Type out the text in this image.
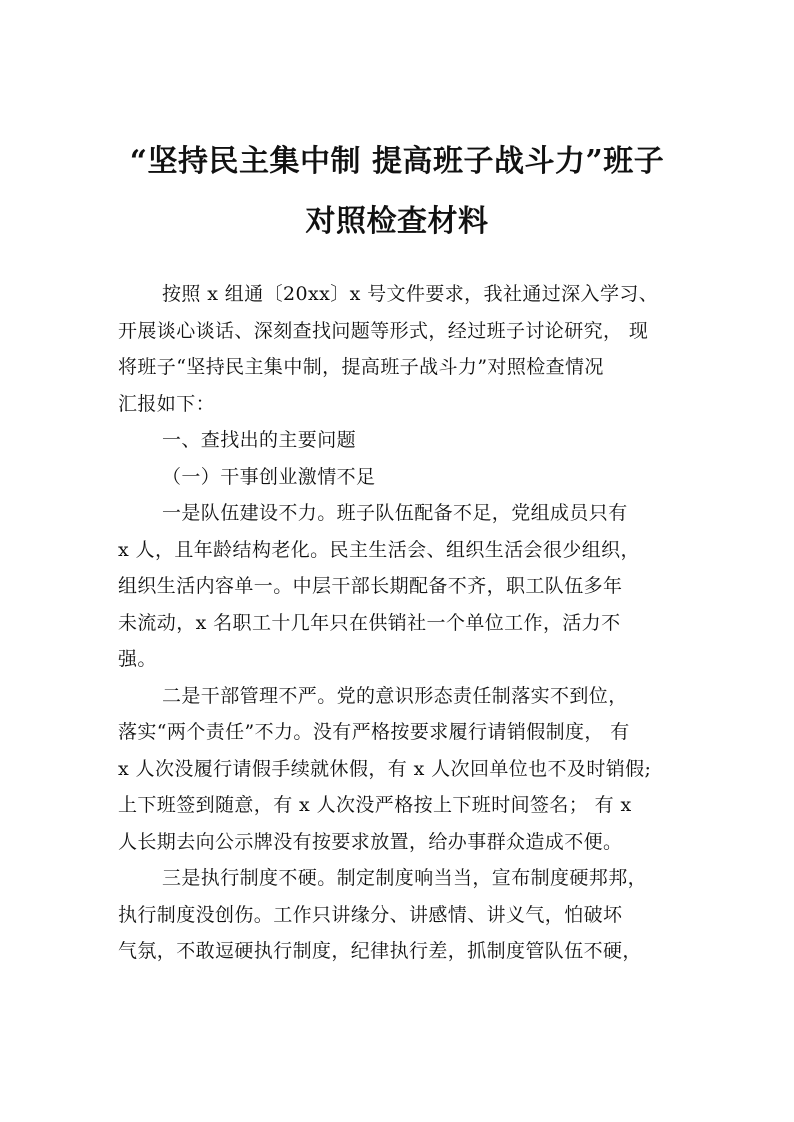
“坚持民主集中制 提高班子战斗力”班子
对照检查材料
按照 x 组通〔20xx〕x 号文件要求，我社通过深入学习、
开展谈心谈话、深刻查找问题等形式，经过班子讨论研究， 现
将班子“坚持民主集中制，提高班子战斗力”对照检查情况
汇报如下：
一、查找出的主要问题
（一）干事创业激情不足
一是队伍建设不力。班子队伍配备不足，党组成员只有
x 人，且年龄结构老化。民主生活会、组织生活会很少组织，
组织生活内容单一。中层干部长期配备不齐，职工队伍多年
未流动，x 名职工十几年只在供销社一个单位工作，活力不
强。
二是干部管理不严。党的意识形态责任制落实不到位，
落实“两个责任”不力。没有严格按要求履行请销假制度， 有
x 人次没履行请假手续就休假，有 x 人次回单位也不及时销假;
上下班签到随意，有 x 人次没严格按上下班时间签名； 有 x
人长期去向公示牌没有按要求放置，给办事群众造成不便。
三是执行制度不硬。制定制度响当当，宣布制度硬邦邦，
执行制度没创伤。工作只讲缘分、讲感情、讲义气，怕破坏
气氛，不敢逗硬执行制度，纪律执行差，抓制度管队伍不硬，
